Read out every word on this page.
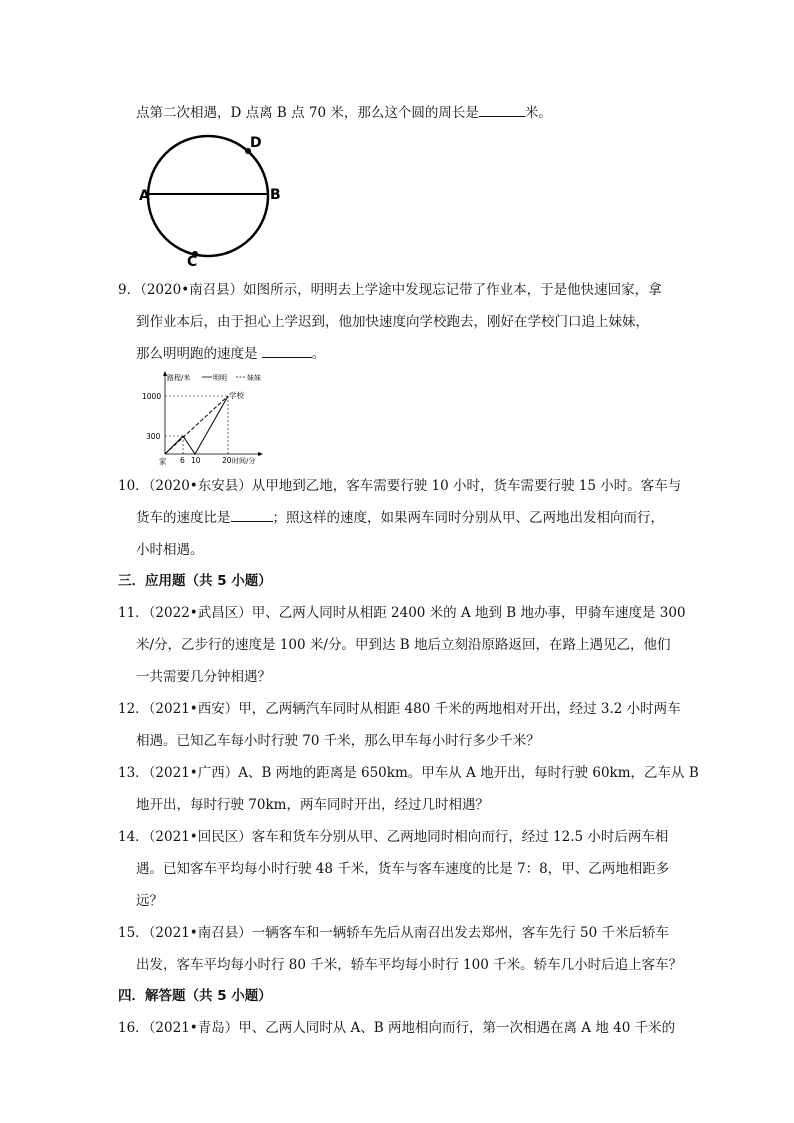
点第二次相遇，D 点离 B 点 70 米，那么这个圆的周长是	米。
A	B
D
C
9．（2020•南召县）如图所示，明明去上学途中发现忘记带了作业本，于是他快速回家，拿
到作业本后，由于担心上学迟到，他加快速度向学校跑去，刚好在学校门口追上妹妹，
那么明明跑的速度是	。
明明	妹妹
路程/米
1000
300
学校
家 6 10	20 时间/分
10．（2020•东安县）从甲地到乙地，客车需要行驶 10 小时，货车需要行驶 15 小时。客车与
货车的速度比是	；照这样的速度，如果两车同时分别从甲、乙两地出发相向而行，
小时相遇。
三．应用题（共 5 小题）
11．（2022•武昌区）甲、乙两人同时从相距 2400 米的 A 地到 B 地办事，甲骑车速度是 300
米/分，乙步行的速度是 100 米/分。甲到达 B 地后立刻沿原路返回，在路上遇见乙，他们
一共需要几分钟相遇？
12．（2021•西安）甲，乙两辆汽车同时从相距 480 千米的两地相对开出，经过 3.2 小时两车
相遇。已知乙车每小时行驶 70 千米，那么甲车每小时行多少千米？
13．（2021•广西）A、B 两地的距离是 650km。甲车从 A 地开出，每时行驶 60km，乙车从 B
地开出，每时行驶 70km，两车同时开出，经过几时相遇？
14．（2021•回民区）客车和货车分别从甲、乙两地同时相向而行，经过 12.5 小时后两车相
遇。已知客车平均每小时行驶 48 千米，货车与客车速度的比是 7：8，甲、乙两地相距多
远？
15．（2021•南召县）一辆客车和一辆轿车先后从南召出发去郑州，客车先行 50 千米后轿车
出发，客车平均每小时行 80 千米，轿车平均每小时行 100 千米。轿车几小时后追上客车？
四．解答题（共 5 小题）
16．（2021•青岛）甲、乙两人同时从 A、B 两地相向而行，第一次相遇在离 A 地 40 千米的
